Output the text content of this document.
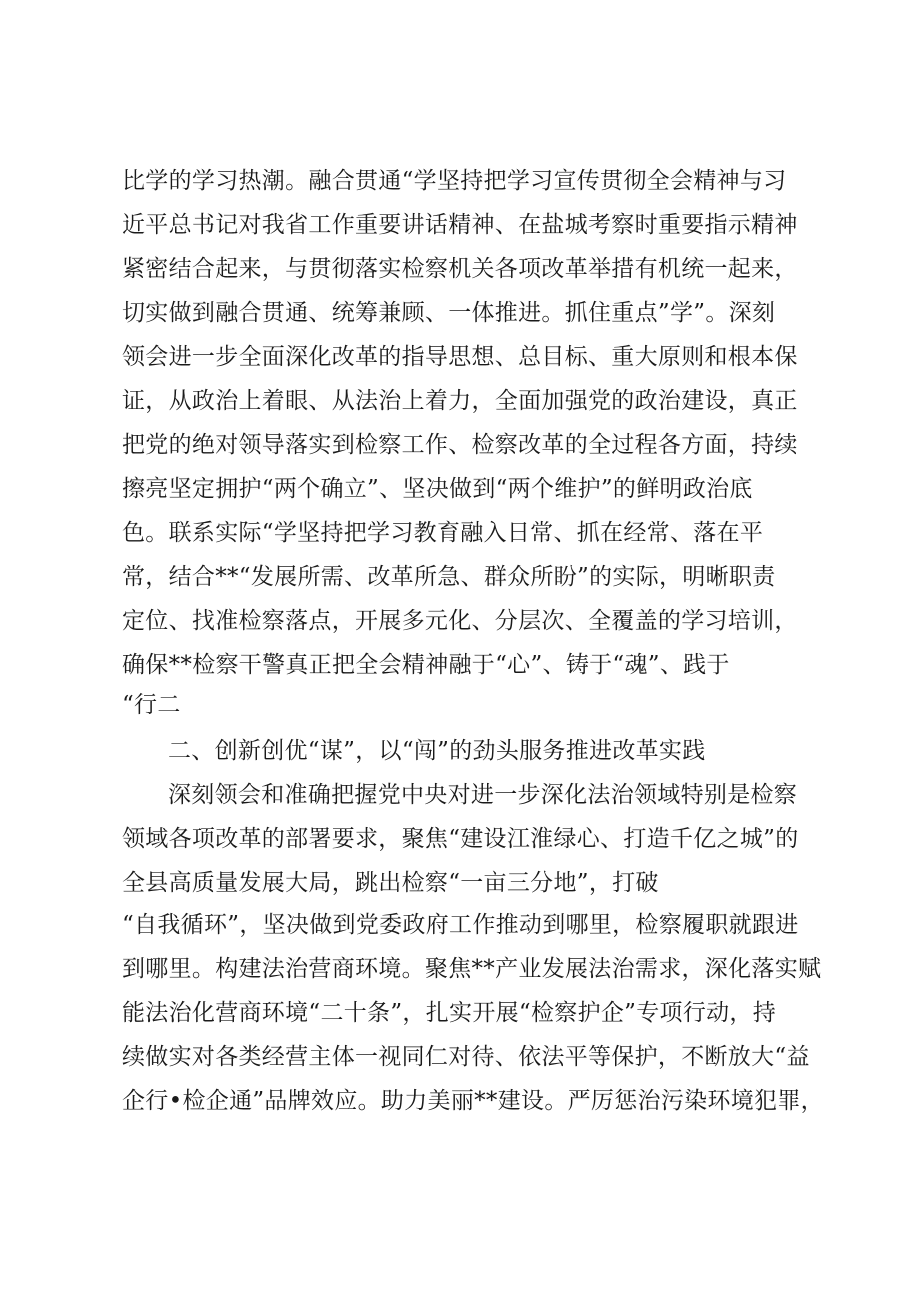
比学的学习热潮。融合贯通“学坚持把学习宣传贯彻全会精神与习
近平总书记对我省工作重要讲话精神、在盐城考察时重要指示精神
紧密结合起来，与贯彻落实检察机关各项改革举措有机统一起来，
切实做到融合贯通、统筹兼顾、一体推进。抓住重点”学”。深刻
领会进一步全面深化改革的指导思想、总目标、重大原则和根本保
证，从政治上着眼、从法治上着力，全面加强党的政治建设，真正
把党的绝对领导落实到检察工作、检察改革的全过程各方面，持续
擦亮坚定拥护“两个确立”、坚决做到“两个维护”的鲜明政治底
色。联系实际“学坚持把学习教育融入日常、抓在经常、落在平
常，结合**“发展所需、改革所急、群众所盼”的实际，明晰职责
定位、找准检察落点，开展多元化、分层次、全覆盖的学习培训，
确保**检察干警真正把全会精神融于“心”、铸于“魂”、践于
“行二
二、创新创优“谋”，以“闯”的劲头服务推进改革实践
深刻领会和准确把握党中央对进一步深化法治领域特别是检察
领域各项改革的部署要求，聚焦“建设江淮绿心、打造千亿之城”的
全县高质量发展大局，跳出检察“一亩三分地”，打破
“自我循环”，坚决做到党委政府工作推动到哪里，检察履职就跟进
到哪里。构建法治营商环境。聚焦**产业发展法治需求，深化落实赋
能法治化营商环境“二十条”，扎实开展“检察护企”专项行动，持
续做实对各类经营主体一视同仁对待、依法平等保护，不断放大“益
企行•检企通”品牌效应。助力美丽**建设。严厉惩治污染环境犯罪，
